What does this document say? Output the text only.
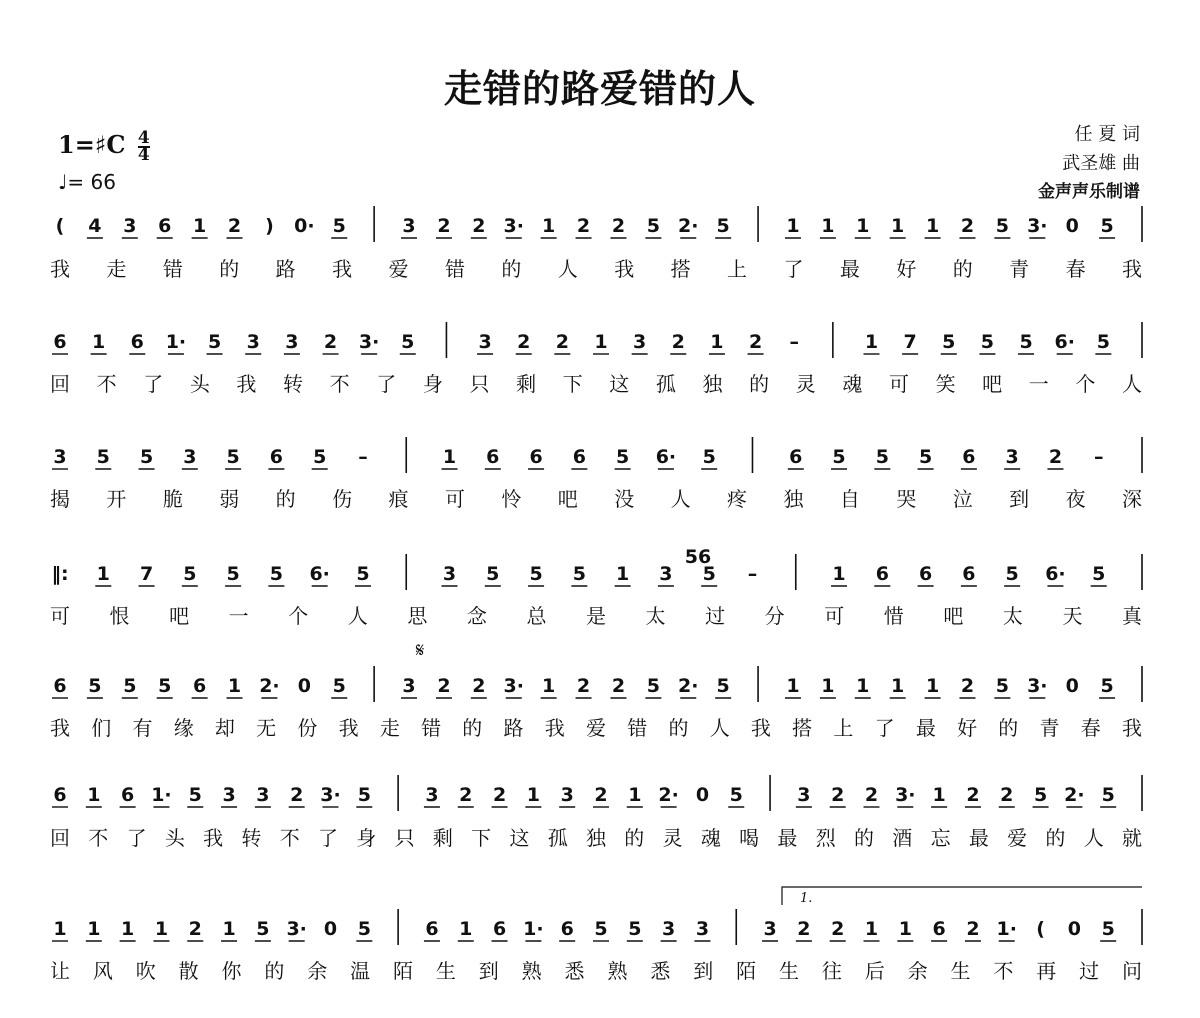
走错的路爱错的人
1=♯C $\frac{4}{4}$
♩= 66
任 夏 词
武圣雄 曲
金声声乐制谱
( 4 3 6 1 2 ) 0· 5	3 2 2 3· 1 2 2 5 2· 5	1 1 1 1 1 2 5 3· 0 5
我 走 错 的 路 我 爱 错 的 人 我 搭 上 了 最 好 的 青 春 我
6 1 6 1· 5 3 3 2 3· 5	3 2 2 1 3 2 1 2 –	1 7 5 5 5 6· 5
回 不 了 头 我 转 不 了 身 只 剩 下 这 孤 独 的 灵 魂 可 笑 吧 一 个 人
3 5 5 3 5 6 5 –	1 6 6 6 5 6· 5	6 5 5 5 6 3 2 –
揭 开 脆 弱 的 伤 痕 可 怜 吧 没 人 疼 独 自 哭 泣 到 夜 深
‖: 1 7 5 5 5 6· 5	3 5 5 5 1 3 5 –	1 6 6 6 5 6· 5
可 恨 吧 一 个 人 思 念 总 是 太 过 分 可 惜 吧 太 天 真
6 5 5 5 6 1 2· 0 5	3 2 2 3· 1 2 2 5 2· 5	1 1 1 1 1 2 5 3· 0 5
我 们 有 缘 却 无 份 我 走 错 的 路 我 爱 错 的 人 我 搭 上 了 最 好 的 青 春 我
6 1 6 1· 5 3 3 2 3· 5	3 2 2 1 3 2 1 2· 0 5	3 2 2 3· 1 2 2 5 2· 5
回 不 了 头 我 转 不 了 身 只 剩 下 这 孤 独 的 灵 魂 喝 最 烈 的 酒 忘 最 爱 的 人 就
1 1 1 1 2 1 5 3· 0 5	6 1 6 1· 6 5 5 3 3	3 2 2 1 1 6 2 1· ( 0 5
让 风 吹 散 你 的 余 温 陌 生 到 熟 悉 熟 悉 到 陌 生 往 后 余 生 不 再 过 问
𝄋
56
1.
